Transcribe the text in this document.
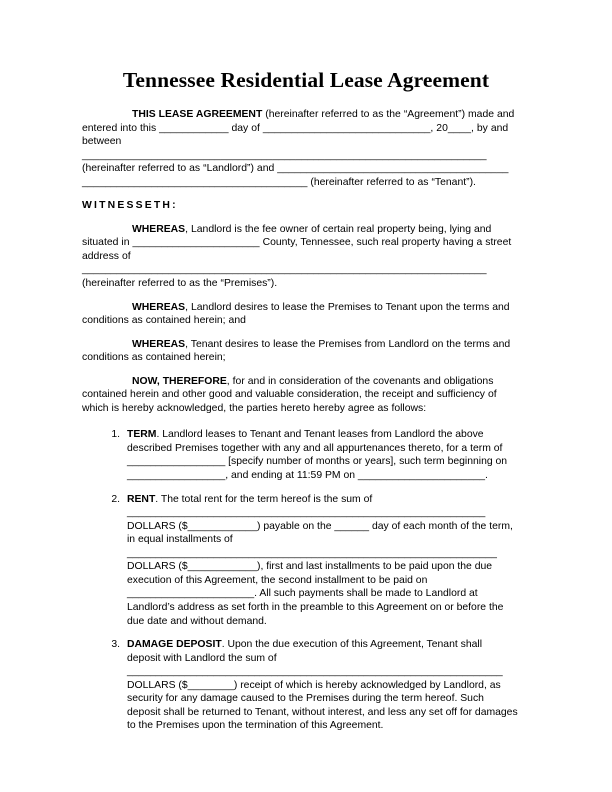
Tennessee Residential Lease Agreement

THIS LEASE AGREEMENT (hereinafter referred to as the “Agreement”) made and entered into this ____________ day of _____________________________, 20____, by and between ______________________________________________________________________ (hereinafter referred to as “Landlord”) and ________________________________________ _______________________________________ (hereinafter referred to as “Tenant”).

WITNESSETH:

WHEREAS, Landlord is the fee owner of certain real property being, lying and situated in ______________________ County, Tennessee, such real property having a street address of ______________________________________________________________________ (hereinafter referred to as the “Premises”).

WHEREAS, Landlord desires to lease the Premises to Tenant upon the terms and conditions as contained herein; and

WHEREAS, Tenant desires to lease the Premises from Landlord on the terms and conditions as contained herein;

NOW, THEREFORE, for and in consideration of the covenants and obligations contained herein and other good and valuable consideration, the receipt and sufficiency of which is hereby acknowledged, the parties hereto hereby agree as follows:

1. TERM. Landlord leases to Tenant and Tenant leases from Landlord the above described Premises together with any and all appurtenances thereto, for a term of _________________ [specify number of months or years], such term beginning on _________________, and ending at 11:59 PM on ______________________.
2. RENT. The total rent for the term hereof is the sum of ______________________________________________________________ DOLLARS ($____________) payable on the ______ day of each month of the term, in equal installments of ________________________________________________________________ DOLLARS ($____________), first and last installments to be paid upon the due execution of this Agreement, the second installment to be paid on ______________________. All such payments shall be made to Landlord at Landlord’s address as set forth in the preamble to this Agreement on or before the due date and without demand.
3. DAMAGE DEPOSIT. Upon the due execution of this Agreement, Tenant shall deposit with Landlord the sum of _________________________________________________________________ DOLLARS ($________) receipt of which is hereby acknowledged by Landlord, as security for any damage caused to the Premises during the term hereof. Such deposit shall be returned to Tenant, without interest, and less any set off for damages to the Premises upon the termination of this Agreement.
